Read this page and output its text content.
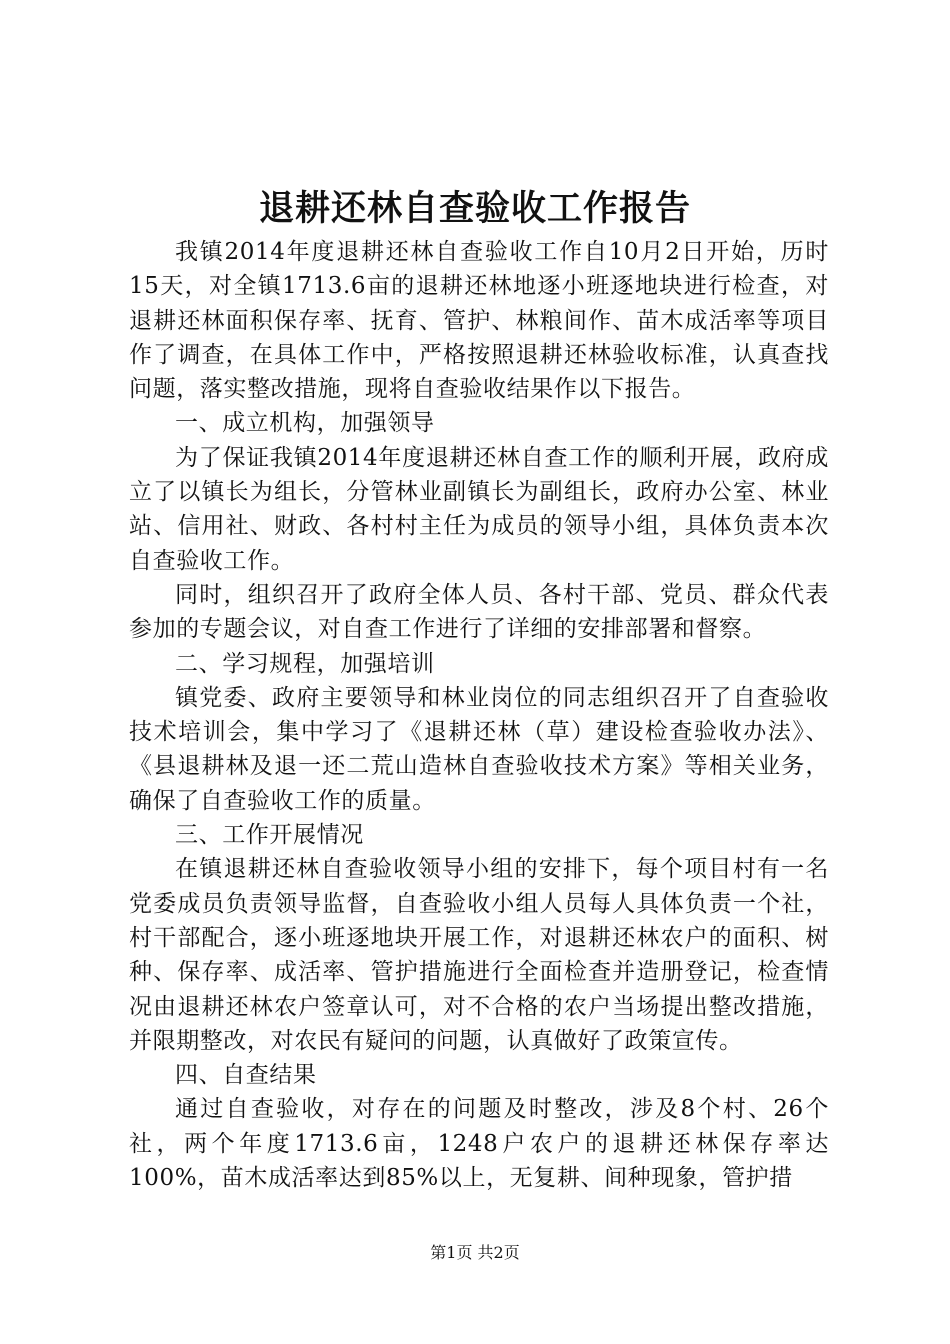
退耕还林自查验收工作报告

我镇2014年度退耕还林自查验收工作自10月2日开始，历时15天，对全镇1713.6亩的退耕还林地逐小班逐地块进行检查，对退耕还林面积保存率、抚育、管护、林粮间作、苗木成活率等项目作了调查，在具体工作中，严格按照退耕还林验收标准，认真查找问题，落实整改措施，现将自查验收结果作以下报告。

一、成立机构，加强领导

为了保证我镇2014年度退耕还林自查工作的顺利开展，政府成立了以镇长为组长，分管林业副镇长为副组长，政府办公室、林业站、信用社、财政、各村村主任为成员的领导小组，具体负责本次自查验收工作。

同时，组织召开了政府全体人员、各村干部、党员、群众代表参加的专题会议，对自查工作进行了详细的安排部署和督察。

二、学习规程，加强培训

镇党委、政府主要领导和林业岗位的同志组织召开了自查验收技术培训会，集中学习了《退耕还林（草）建设检查验收办法》、《县退耕林及退一还二荒山造林自查验收技术方案》等相关业务，确保了自查验收工作的质量。

三、工作开展情况

在镇退耕还林自查验收领导小组的安排下，每个项目村有一名党委成员负责领导监督，自查验收小组人员每人具体负责一个社，村干部配合，逐小班逐地块开展工作，对退耕还林农户的面积、树种、保存率、成活率、管护措施进行全面检查并造册登记，检查情况由退耕还林农户签章认可，对不合格的农户当场提出整改措施，并限期整改，对农民有疑问的问题，认真做好了政策宣传。

四、自查结果

通过自查验收，对存在的问题及时整改，涉及8个村、26个社，两个年度1713.6亩，1248户农户的退耕还林保存率达100%，苗木成活率达到85%以上，无复耕、间种现象，管护措

第1页 共2页
